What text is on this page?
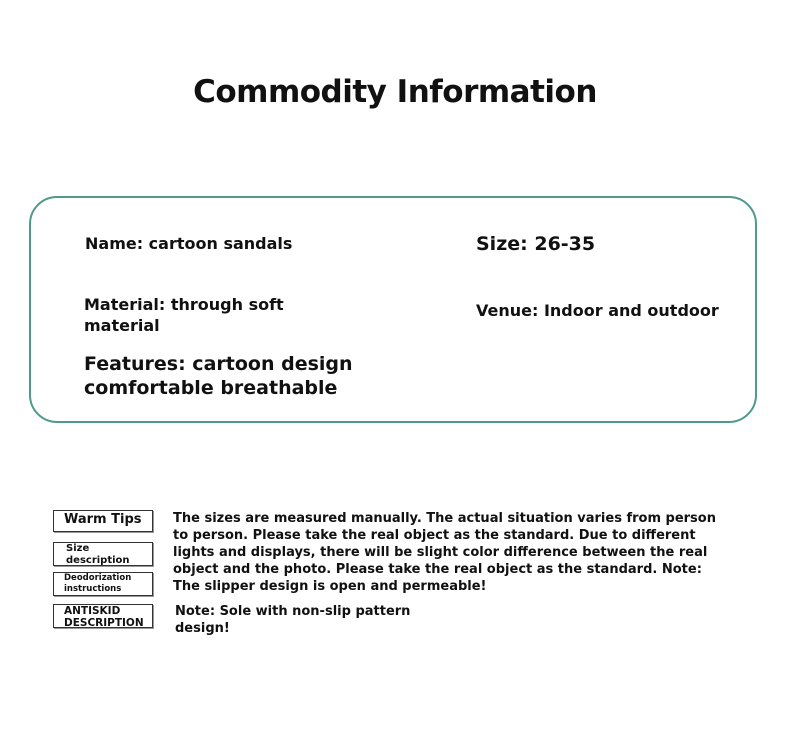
Commodity Information
Name: cartoon sandals	Size: 26-35
Material: through soft material
Venue: Indoor and outdoor
Features: cartoon design comfortable breathable
Warm Tips
Size
description
Deodorization
instructions
ANTISKID
DESCRIPTION
The sizes are measured manually. The actual situation varies from person to person. Please take the real object as the standard. Due to different lights and displays, there will be slight color difference between the real object and the photo. Please take the real object as the standard. Note: The slipper design is open and permeable!
Note: Sole with non-slip pattern design!
